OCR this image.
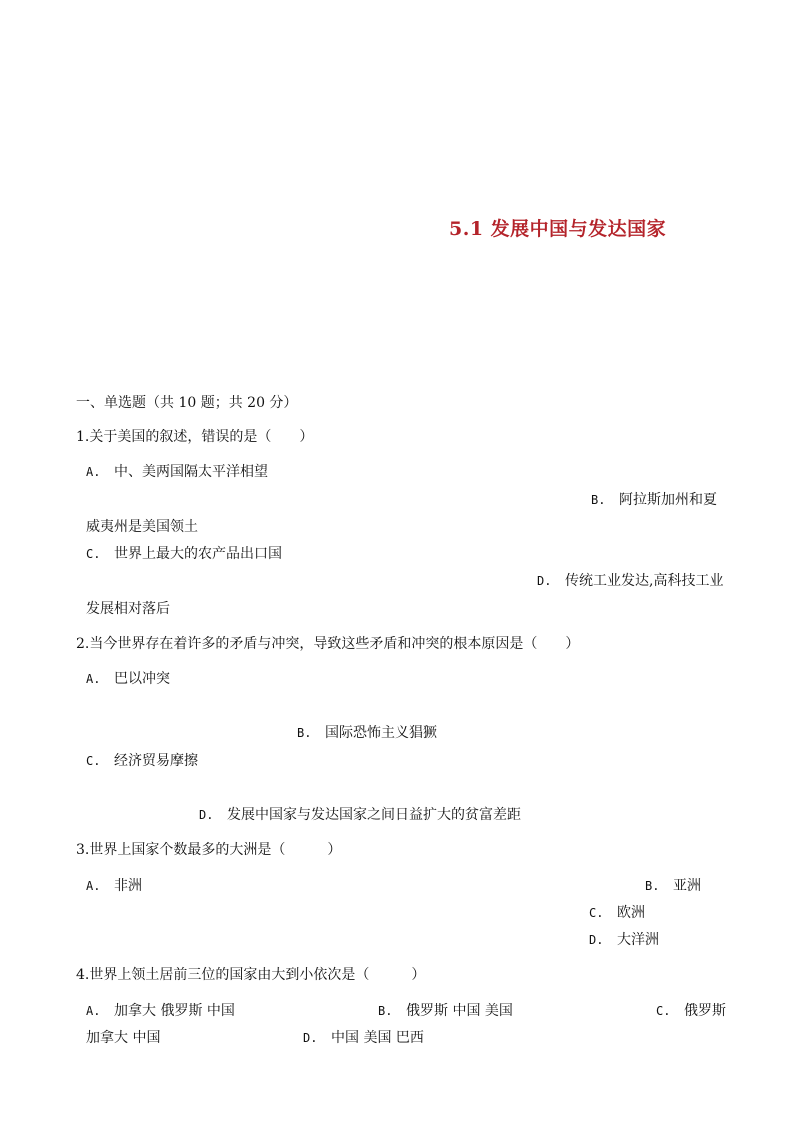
5.1 发展中国与发达国家
一、单选题（共 10 题；共 20 分）
1.关于美国的叙述，错误的是（　　）
A. 中、美两国隔太平洋相望
B. 阿拉斯加州和夏
威夷州是美国领土
C. 世界上最大的农产品出口国
D. 传统工业发达,高科技工业
发展相对落后
2.当今世界存在着许多的矛盾与冲突，导致这些矛盾和冲突的根本原因是（　　）
A. 巴以冲突
B. 国际恐怖主义猖獗
C. 经济贸易摩擦
D. 发展中国家与发达国家之间日益扩大的贫富差距
3.世界上国家个数最多的大洲是（　　　）
A. 非洲	B. 亚洲
C. 欧洲
D. 大洋洲
4.世界上领土居前三位的国家由大到小依次是（　　　）
A. 加拿大 俄罗斯 中国	B. 俄罗斯 中国 美国	C. 俄罗斯
加拿大 中国	D. 中国 美国 巴西
